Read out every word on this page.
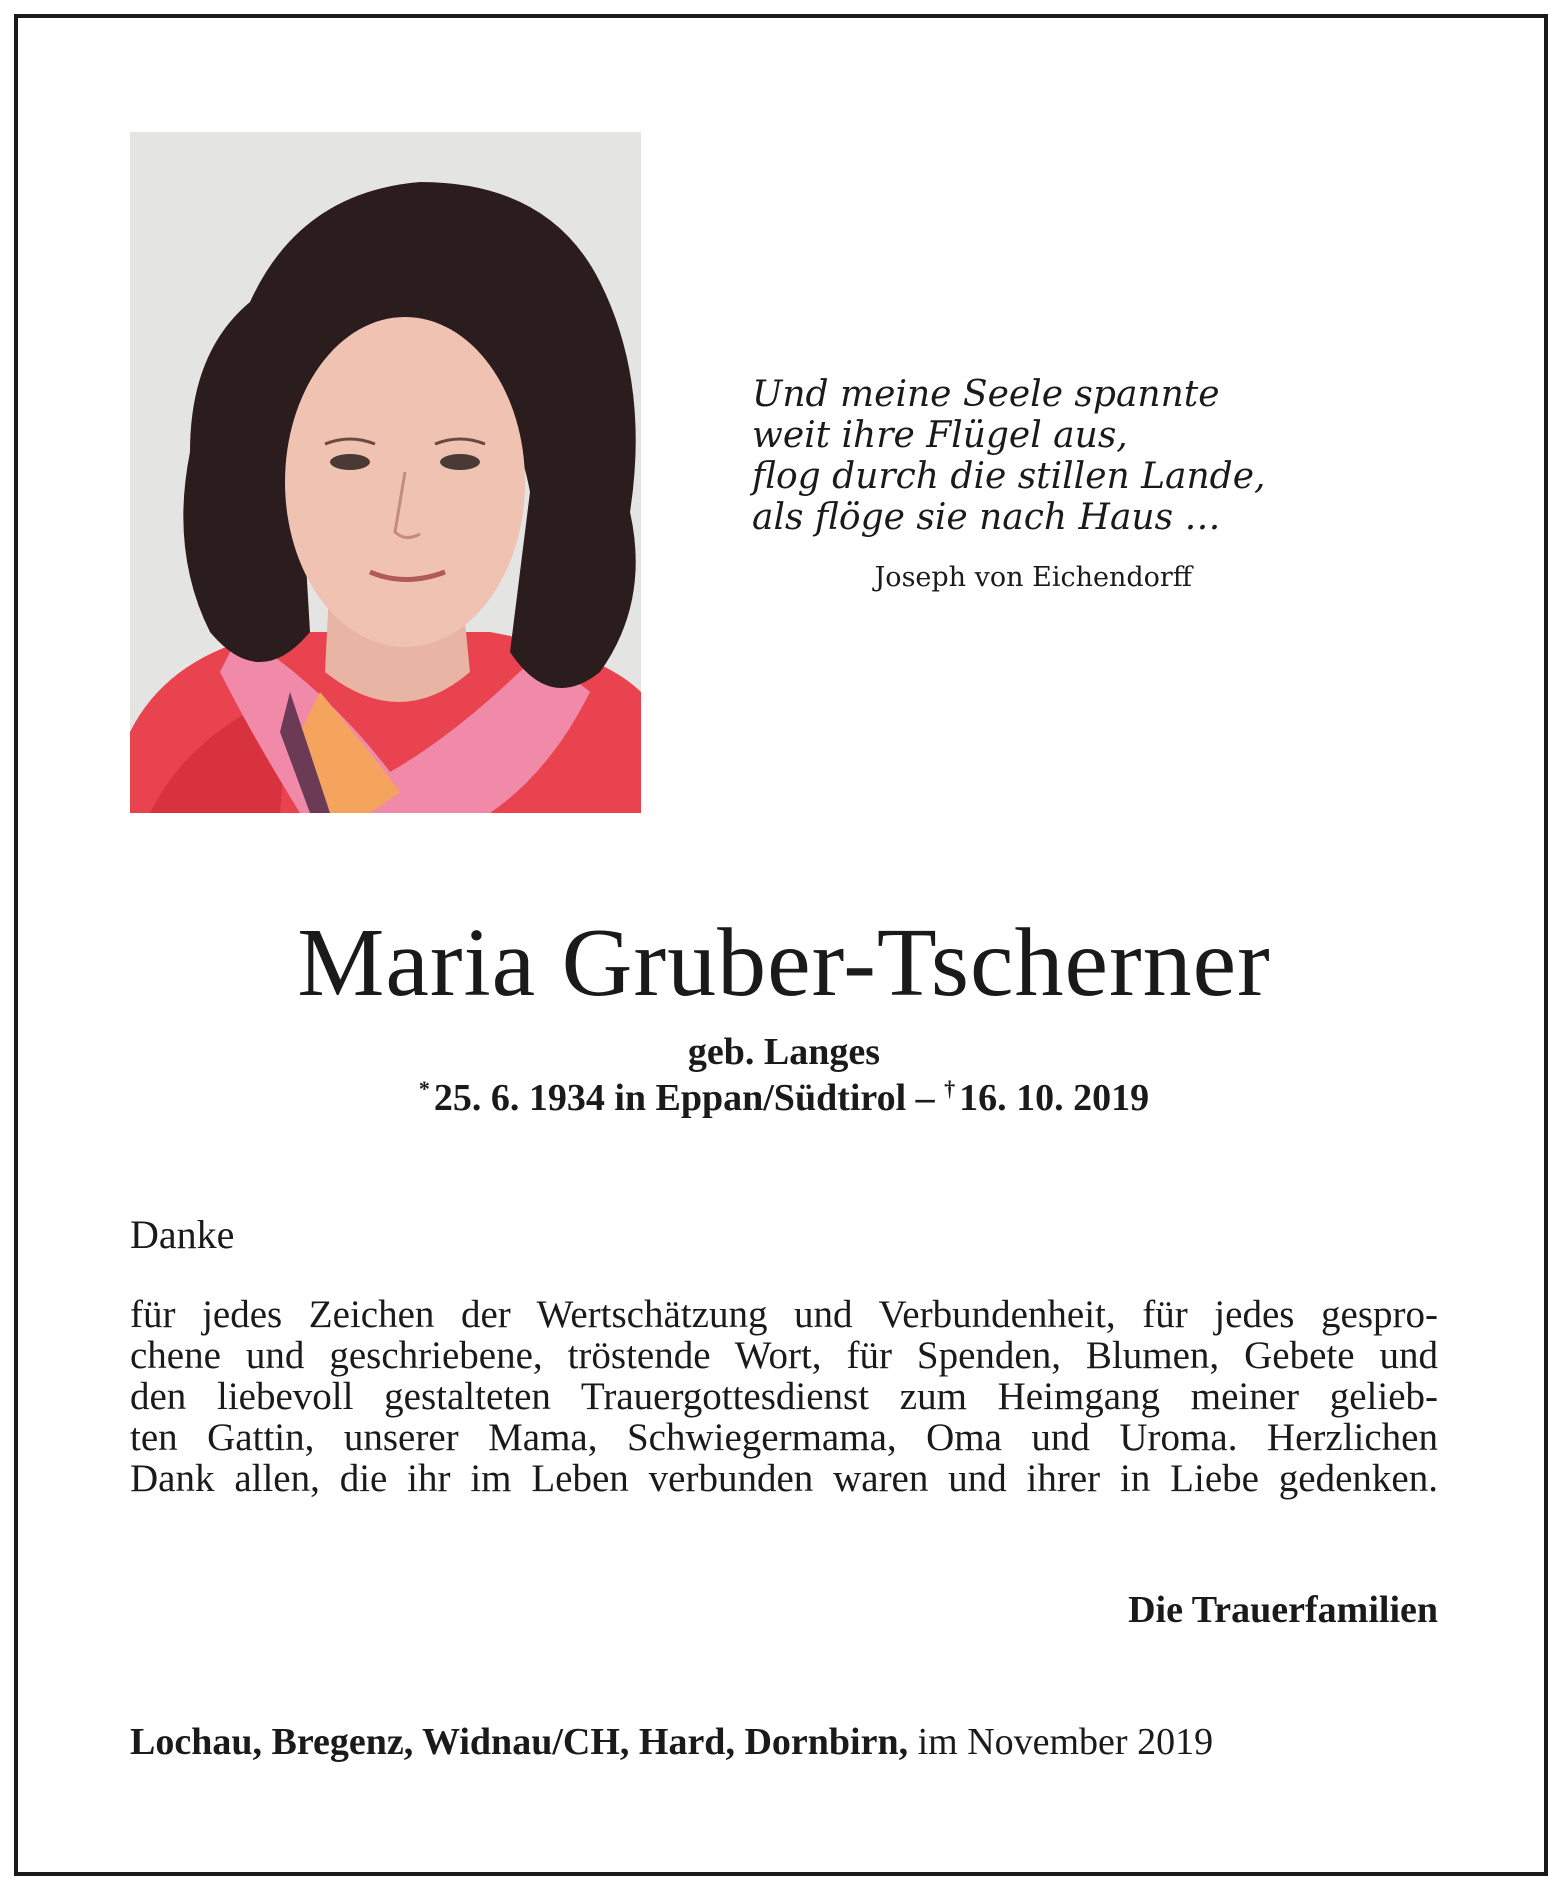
Und meine Seele spannte
weit ihre Flügel aus,
flog durch die stillen Lande,
als flöge sie nach Haus …
Joseph von Eichendorff
Maria Gruber-Tscherner
geb. Langes
* 25. 6. 1934 in Eppan/Südtirol – † 16. 10. 2019
Danke
für jedes Zeichen der Wertschätzung und Verbundenheit, für jedes gespro-
chene und geschriebene, tröstende Wort, für Spenden, Blumen, Gebete und
den liebevoll gestalteten Trauergottesdienst zum Heimgang meiner gelieb-
ten Gattin, unserer Mama, Schwiegermama, Oma und Uroma. Herzlichen
Dank allen, die ihr im Leben verbunden waren und ihrer in Liebe gedenken.
Die Trauerfamilien
Lochau, Bregenz, Widnau/CH, Hard, Dornbirn, im November 2019
